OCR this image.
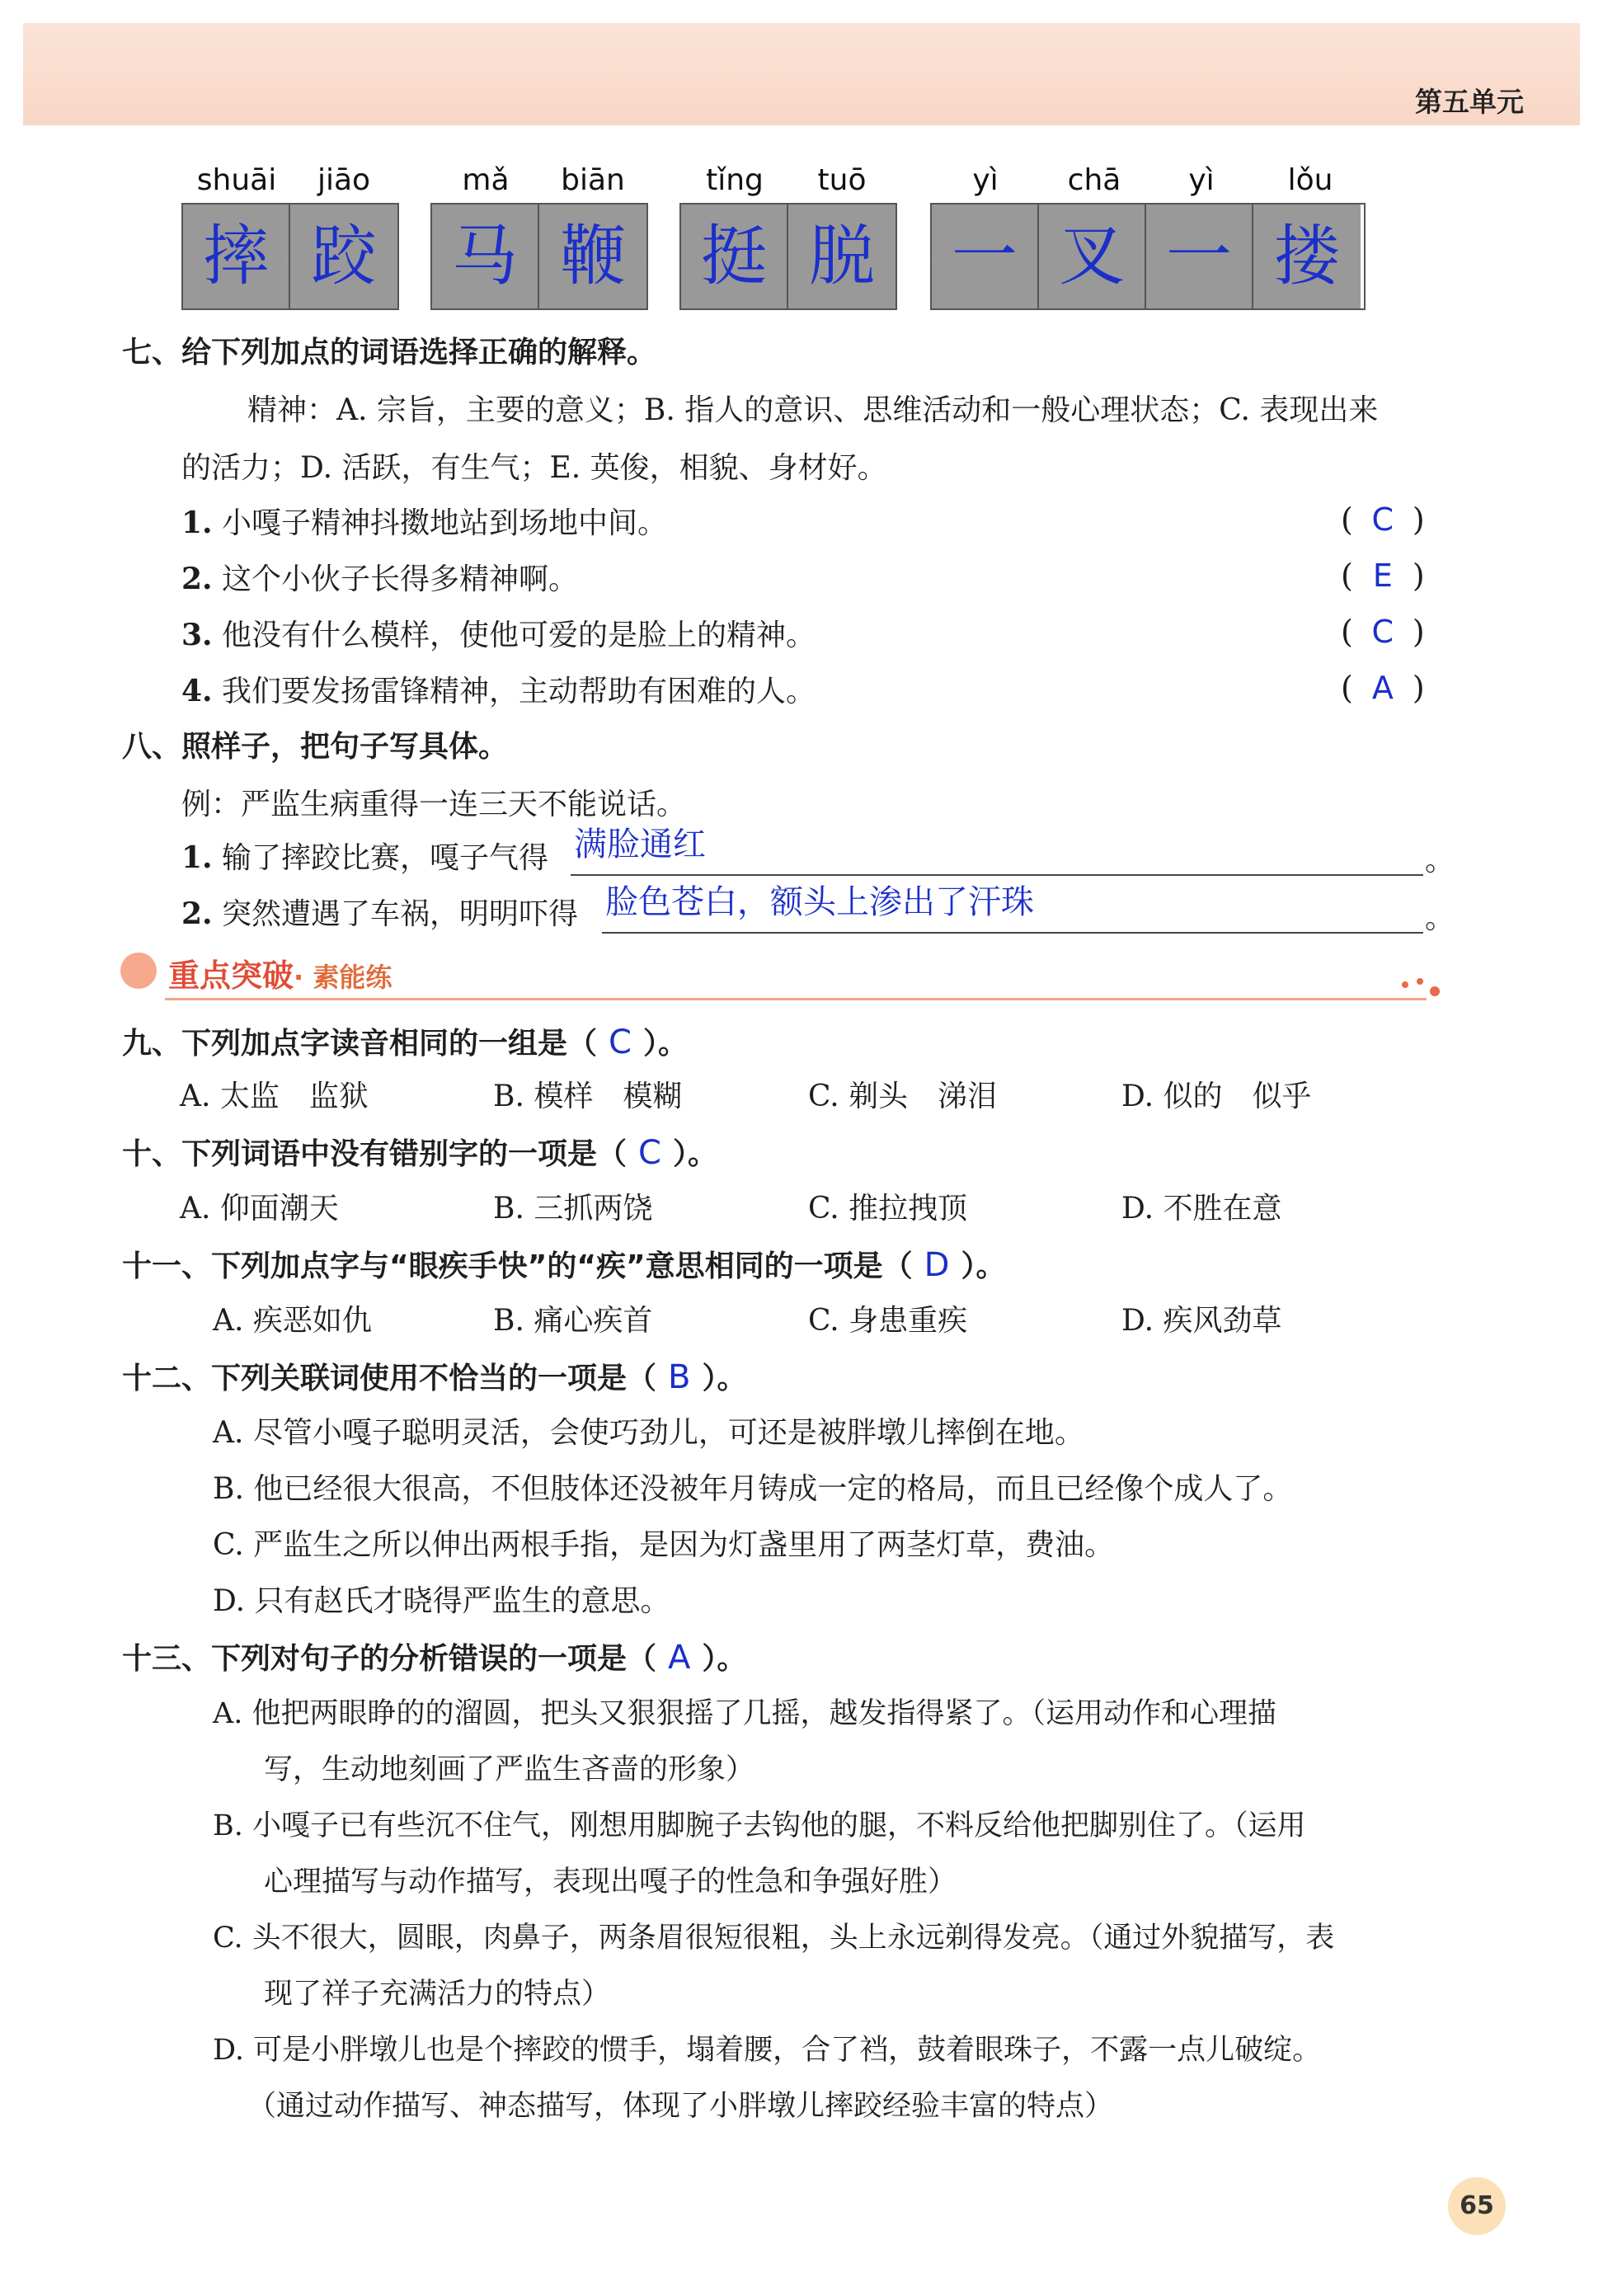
第五单元
shuāi	jiāo	mǎ	biān	tǐng	tuō	yì	chā	yì	lǒu
摔 跤	马 鞭	挺 脱	一 叉 一 搂
七、给下列加点的词语选择正确的解释。
精神：A. 宗旨，主要的意义；B. 指人的意识、思维活动和一般心理状态；C. 表现出来
的活力；D. 活跃，有生气；E. 英俊，相貌、身材好。
1. 小嘎子精神抖擞地站到场地中间。	( C )
2. 这个小伙子长得多精神啊。	( E )
3. 他没有什么模样，使他可爱的是脸上的精神。	( C )
4. 我们要发扬雷锋精神，主动帮助有困难的人。	( A )
八、照样子，把句子写具体。
例：严监生病重得一连三天不能说话。
1. 输了摔跤比赛，嘎子气得 满脸通红	。
2. 突然遭遇了车祸，明明吓得 脸色苍白，额头上渗出了汗珠	。
重点突破· 素能练
九、下列加点字读音相同的一组是（ C ）。
A. 太监　监狱	B. 模样　模糊	C. 剃头　涕泪	D. 似的　似乎
十、下列词语中没有错别字的一项是（ C ）。
A. 仰面潮天	B. 三抓两饶	C. 推拉拽顶	D. 不胜在意
十一、下列加点字与“眼疾手快”的“疾”意思相同的一项是（ D ）。
A. 疾恶如仇	B. 痛心疾首	C. 身患重疾	D. 疾风劲草
十二、下列关联词使用不恰当的一项是（ B ）。
A. 尽管小嘎子聪明灵活，会使巧劲儿，可还是被胖墩儿摔倒在地。
B. 他已经很大很高，不但肢体还没被年月铸成一定的格局，而且已经像个成人了。
C. 严监生之所以伸出两根手指，是因为灯盏里用了两茎灯草，费油。
D. 只有赵氏才晓得严监生的意思。
十三、下列对句子的分析错误的一项是（ A ）。
A. 他把两眼睁的的溜圆，把头又狠狠摇了几摇，越发指得紧了。（运用动作和心理描
写，生动地刻画了严监生吝啬的形象）
B. 小嘎子已有些沉不住气，刚想用脚腕子去钩他的腿，不料反给他把脚别住了。（运用
心理描写与动作描写，表现出嘎子的性急和争强好胜）
C. 头不很大，圆眼，肉鼻子，两条眉很短很粗，头上永远剃得发亮。（通过外貌描写，表
现了祥子充满活力的特点）
D. 可是小胖墩儿也是个摔跤的惯手，塌着腰，合了裆，鼓着眼珠子，不露一点儿破绽。
（通过动作描写、神态描写，体现了小胖墩儿摔跤经验丰富的特点）
65
